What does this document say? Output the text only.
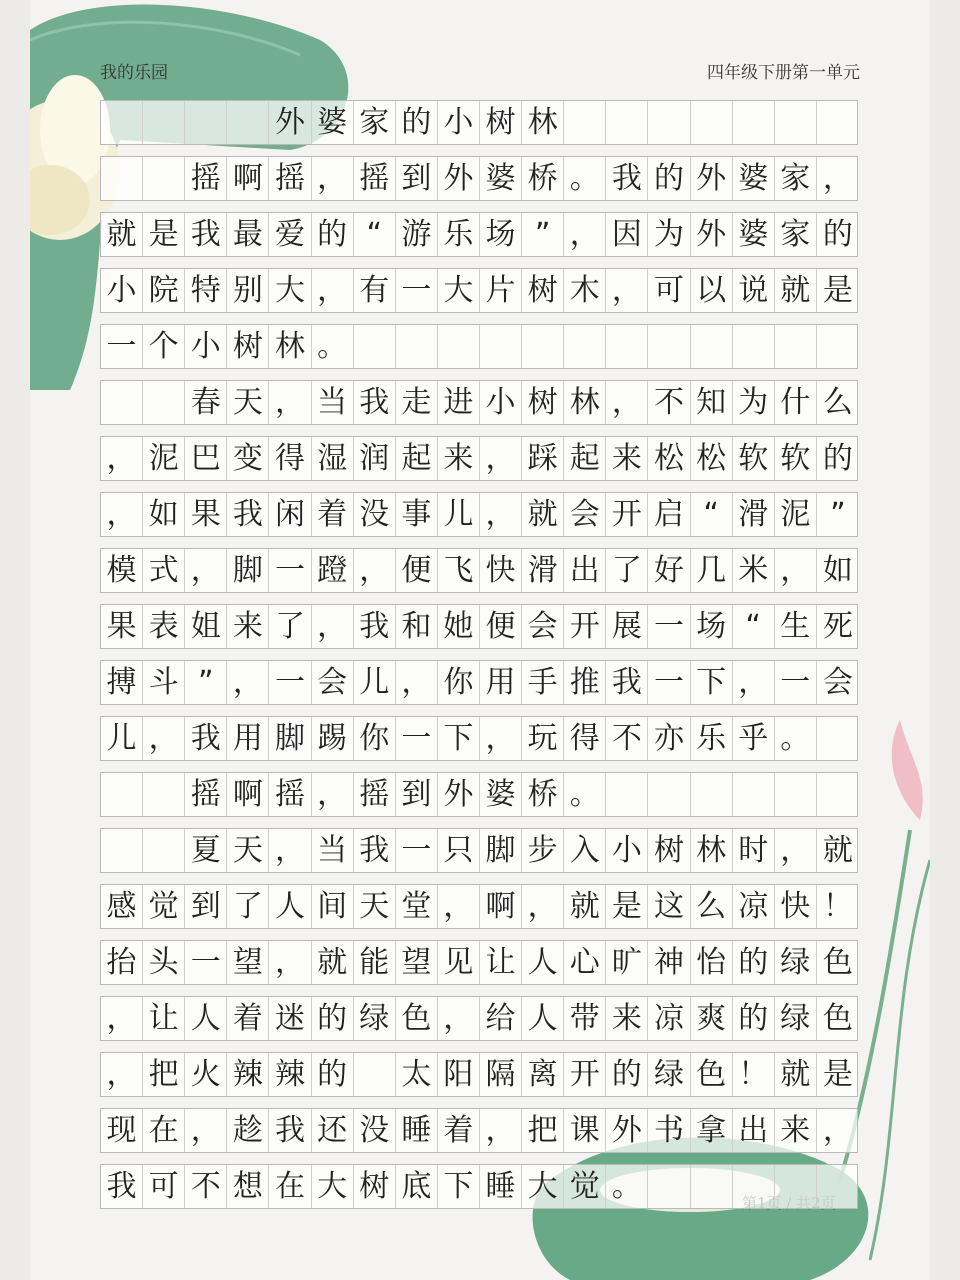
我的乐园	四年级下册第一单元
外 婆 家 的 小 树 林
摇 啊 摇 ， 摇 到 外 婆 桥 。 我 的 外 婆 家 ，
就 是 我 最 爱 的 “ 游 乐 场 ” ， 因 为 外 婆 家 的
小 院 特 别 大 ， 有 一 大 片 树 木 ， 可 以 说 就 是
一 个 小 树 林 。
春 天 ， 当 我 走 进 小 树 林 ， 不 知 为 什 么
， 泥 巴 变 得 湿 润 起 来 ， 踩 起 来 松 松 软 软 的
， 如 果 我 闲 着 没 事 儿 ， 就 会 开 启 “ 滑 泥 ”
模 式 ， 脚 一 蹬 ， 便 飞 快 滑 出 了 好 几 米 ， 如
果 表 姐 来 了 ， 我 和 她 便 会 开 展 一 场 “ 生 死
搏 斗 ” ， 一 会 儿 ， 你 用 手 推 我 一 下 ， 一 会
儿 ， 我 用 脚 踢 你 一 下 ， 玩 得 不 亦 乐 乎 。
摇 啊 摇 ， 摇 到 外 婆 桥 。
夏 天 ， 当 我 一 只 脚 步 入 小 树 林 时 ， 就
感 觉 到 了 人 间 天 堂 ， 啊 ， 就 是 这 么 凉 快 ！
抬 头 一 望 ， 就 能 望 见 让 人 心 旷 神 怡 的 绿 色
， 让 人 着 迷 的 绿 色 ， 给 人 带 来 凉 爽 的 绿 色
， 把 火 辣 辣 的 太 阳 隔 离 开 的 绿 色 ！ 就 是
现 在 ， 趁 我 还 没 睡 着 ， 把 课 外 书 拿 出 来 ，
我 可 不 想 在 大 树 底 下 睡 大 觉 。
